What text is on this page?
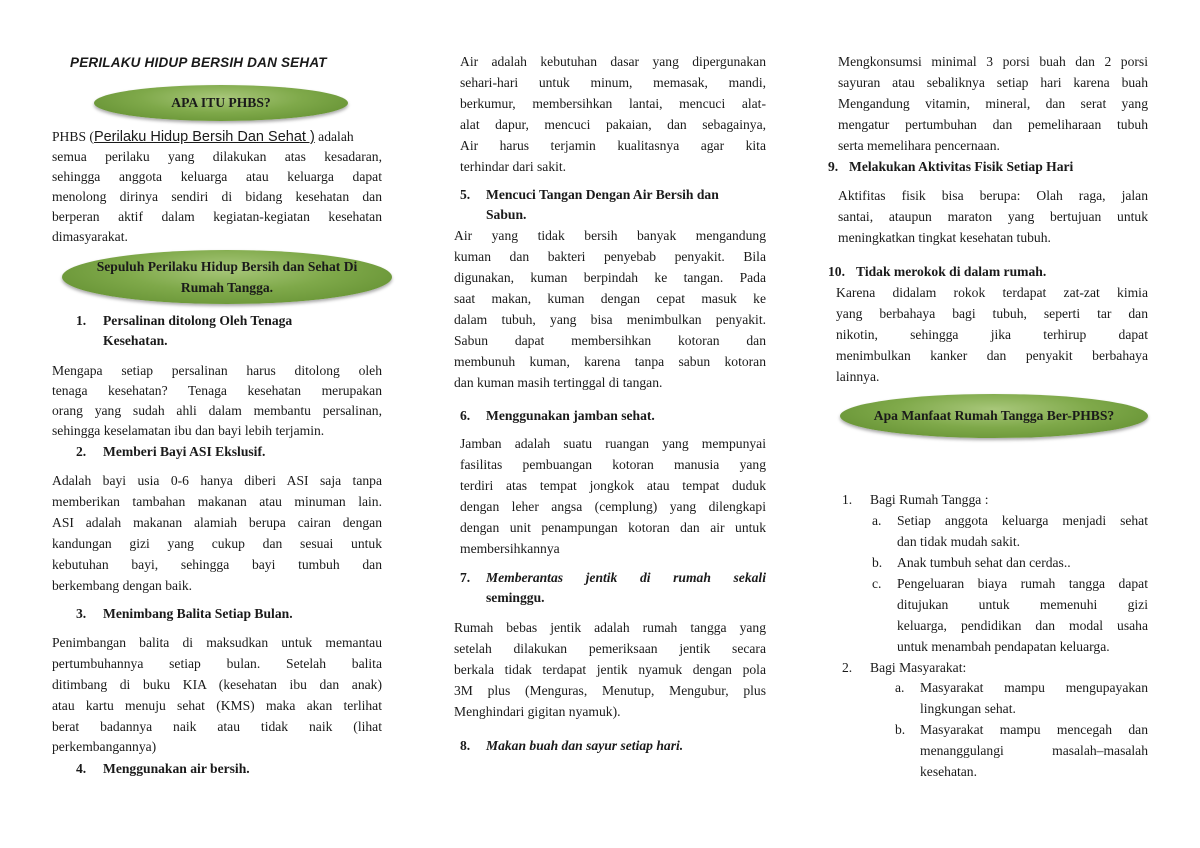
PERILAKU HIDUP BERSIH DAN SEHAT

APA ITU PHBS?

PHBS (Perilaku Hidup Bersih Dan Sehat ) adalah

semua perilaku yang dilakukan atas kesadaran,

sehingga anggota keluarga atau keluarga dapat

menolong dirinya sendiri di bidang kesehatan dan

berperan aktif dalam kegiatan-kegiatan kesehatan

dimasyarakat.

Sepuluh Perilaku Hidup Bersih dan Sehat Di

Rumah Tangga.

1. Persalinan ditolong Oleh Tenaga

Kesehatan.

Mengapa setiap persalinan harus ditolong oleh

tenaga kesehatan? Tenaga kesehatan merupakan

orang yang sudah ahli dalam membantu persalinan,

sehingga keselamatan ibu dan bayi lebih terjamin.

2. Memberi Bayi ASI Ekslusif.

Adalah bayi usia 0-6 hanya diberi ASI saja tanpa

memberikan tambahan makanan atau minuman lain.

ASI adalah makanan alamiah berupa cairan dengan

kandungan gizi yang cukup dan sesuai untuk

kebutuhan bayi, sehingga bayi tumbuh dan

berkembang dengan baik.

3. Menimbang Balita Setiap Bulan.

Penimbangan balita di maksudkan untuk memantau

pertumbuhannya setiap bulan. Setelah balita

ditimbang di buku KIA (kesehatan ibu dan anak)

atau kartu menuju sehat (KMS) maka akan terlihat

berat badannya naik atau tidak naik (lihat

perkembangannya)

4. Menggunakan air bersih.

Air adalah kebutuhan dasar yang dipergunakan

sehari-hari untuk minum, memasak, mandi,

berkumur, membersihkan lantai, mencuci alat-

alat dapur, mencuci pakaian, dan sebagainya,

Air harus terjamin kualitasnya agar kita

terhindar dari sakit.

5. Mencuci Tangan Dengan Air Bersih dan

Sabun.

Air yang tidak bersih banyak mengandung

kuman dan bakteri penyebab penyakit. Bila

digunakan, kuman berpindah ke tangan. Pada

saat makan, kuman dengan cepat masuk ke

dalam tubuh, yang bisa menimbulkan penyakit.

Sabun dapat membersihkan kotoran dan

membunuh kuman, karena tanpa sabun kotoran

dan kuman masih tertinggal di tangan.

6. Menggunakan jamban sehat.

Jamban adalah suatu ruangan yang mempunyai

fasilitas pembuangan kotoran manusia yang

terdiri atas tempat jongkok atau tempat duduk

dengan leher angsa (cemplung) yang dilengkapi

dengan unit penampungan kotoran dan air untuk

membersihkannya

7. Memberantas jentik di rumah sekali

seminggu.

Rumah bebas jentik adalah rumah tangga yang

setelah dilakukan pemeriksaan jentik secara

berkala tidak terdapat jentik nyamuk dengan pola

3M plus (Menguras, Menutup, Mengubur, plus

Menghindari gigitan nyamuk).

8. Makan buah dan sayur setiap hari.

Mengkonsumsi minimal 3 porsi buah dan 2 porsi

sayuran atau sebaliknya setiap hari karena buah

Mengandung vitamin, mineral, dan serat yang

mengatur pertumbuhan dan pemeliharaan tubuh

serta memelihara pencernaan.

9. Melakukan Aktivitas Fisik Setiap Hari

Aktifitas fisik bisa berupa: Olah raga, jalan

santai, ataupun maraton yang bertujuan untuk

meningkatkan tingkat kesehatan tubuh.

10. Tidak merokok di dalam rumah.

Karena didalam rokok terdapat zat-zat kimia

yang berbahaya bagi tubuh, seperti tar dan

nikotin, sehingga jika terhirup dapat

menimbulkan kanker dan penyakit berbahaya

lainnya.

Apa Manfaat Rumah Tangga Ber-PHBS?

1. Bagi Rumah Tangga :

a. Setiap anggota keluarga menjadi sehat

dan tidak mudah sakit.

b. Anak tumbuh sehat dan cerdas..

c. Pengeluaran biaya rumah tangga dapat

ditujukan untuk memenuhi gizi

keluarga, pendidikan dan modal usaha

untuk menambah pendapatan keluarga.

2. Bagi Masyarakat:

a. Masyarakat mampu mengupayakan

lingkungan sehat.

b. Masyarakat mampu mencegah dan

menanggulangi masalah–masalah

kesehatan.
